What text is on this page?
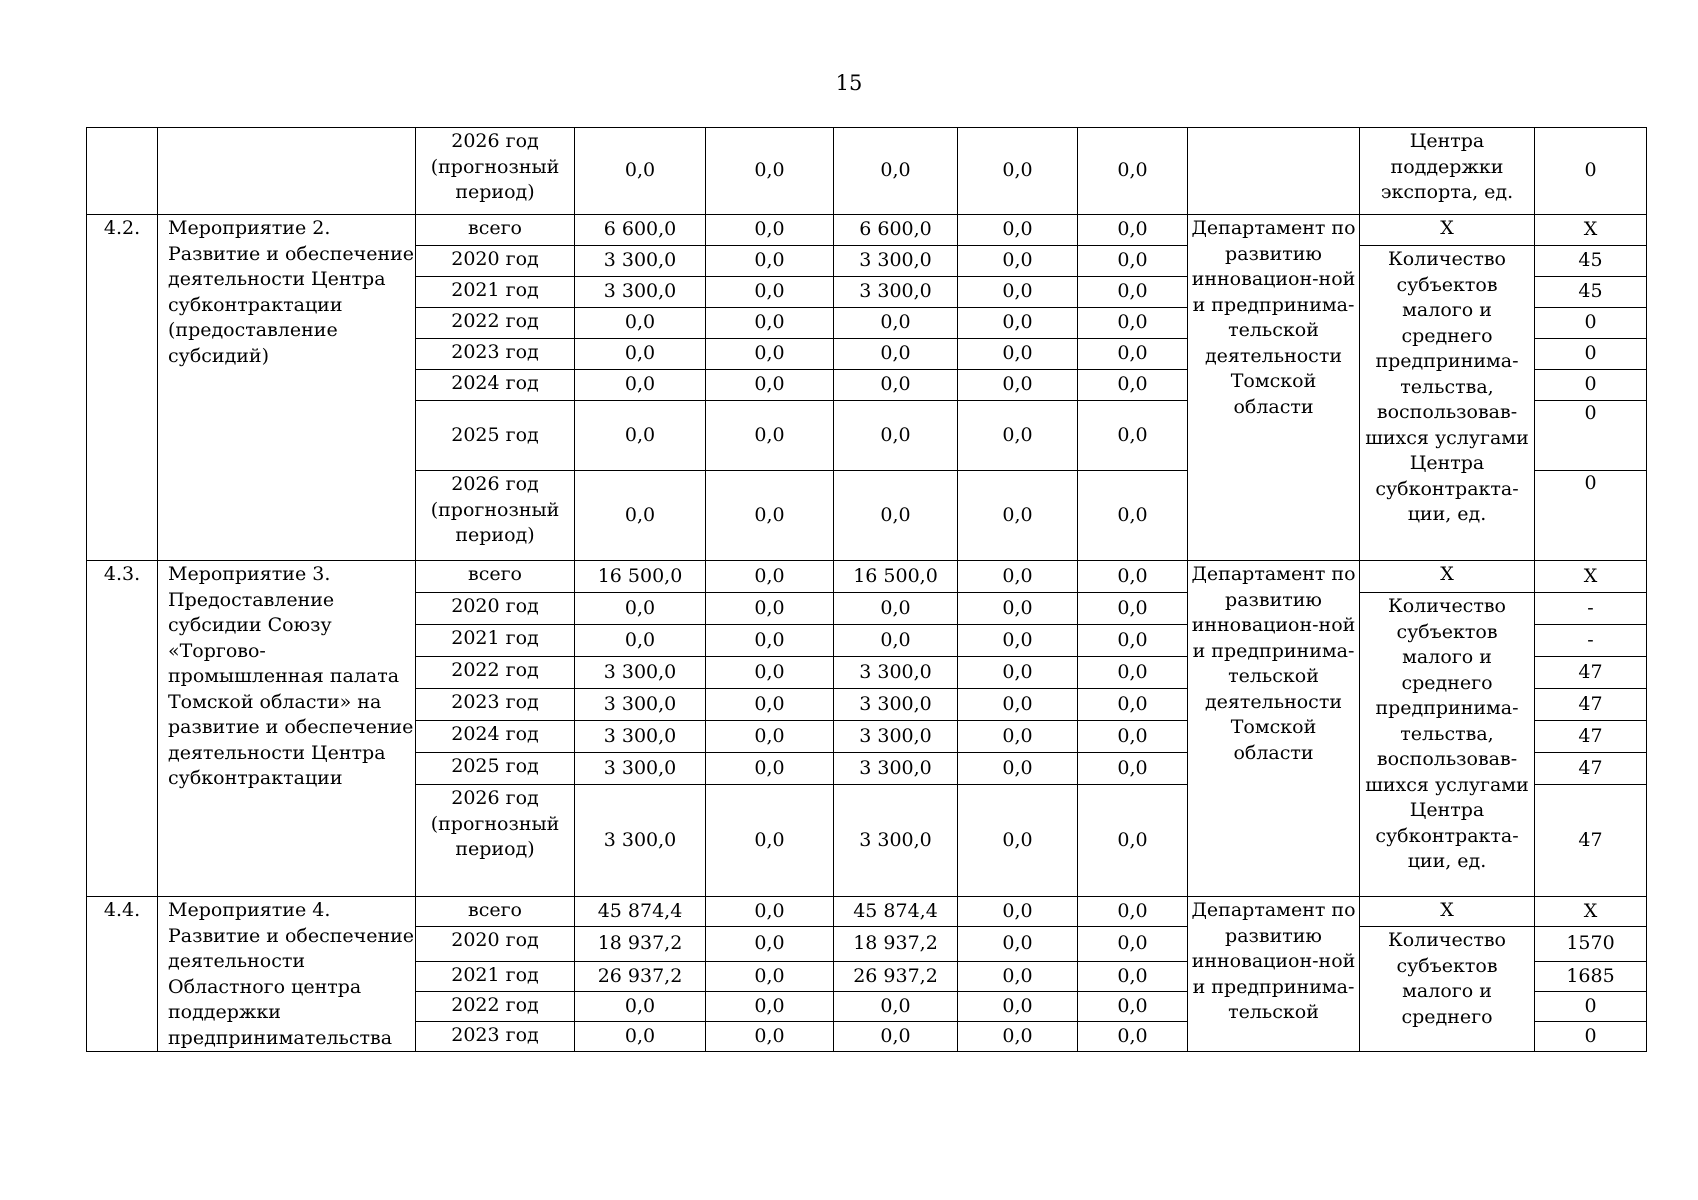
15
		2026 год (прогнозный период)	0,0	0,0	0,0	0,0	0,0		Центра поддержки экспорта, ед.	0
4.2.	Мероприятие 2. Развитие и обеспечение деятельности Центра субконтрактации (предоставление субсидий)	всего	6 600,0	0,0	6 600,0	0,0	0,0	Департамент по развитию инновацион-ной и предпринима-тельской деятельности Томской области	Х	Х
		2020 год	3 300,0	0,0	3 300,0	0,0	0,0		Количество субъектов малого и среднего предпринима-тельства, воспользовав-шихся услугами Центра субконтракта-ции, ед.	45
		2021 год	3 300,0	0,0	3 300,0	0,0	0,0			45
		2022 год	0,0	0,0	0,0	0,0	0,0			0
		2023 год	0,0	0,0	0,0	0,0	0,0			0
		2024 год	0,0	0,0	0,0	0,0	0,0			0
		2025 год	0,0	0,0	0,0	0,0	0,0			0
		2026 год (прогнозный период)	0,0	0,0	0,0	0,0	0,0			0
4.3.	Мероприятие 3. Предоставление субсидии Союзу «Торгово-промышленная палата Томской области» на развитие и обеспечение деятельности Центра субконтрактации	всего	16 500,0	0,0	16 500,0	0,0	0,0	Департамент по развитию инновацион-ной и предпринима-тельской деятельности Томской области	Х	Х
		2020 год	0,0	0,0	0,0	0,0	0,0		Количество субъектов малого и среднего предпринима-тельства, воспользовав-шихся услугами Центра субконтракта-ции, ед.	-
		2021 год	0,0	0,0	0,0	0,0	0,0			-
		2022 год	3 300,0	0,0	3 300,0	0,0	0,0			47
		2023 год	3 300,0	0,0	3 300,0	0,0	0,0			47
		2024 год	3 300,0	0,0	3 300,0	0,0	0,0			47
		2025 год	3 300,0	0,0	3 300,0	0,0	0,0			47
		2026 год (прогнозный период)	3 300,0	0,0	3 300,0	0,0	0,0			47
4.4.	Мероприятие 4. Развитие и обеспечение деятельности Областного центра поддержки предпринимательства	всего	45 874,4	0,0	45 874,4	0,0	0,0	Департамент по развитию инновацион-ной и предпринима-тельской	Х	Х
		2020 год	18 937,2	0,0	18 937,2	0,0	0,0		Количество субъектов малого и среднего	1570
		2021 год	26 937,2	0,0	26 937,2	0,0	0,0			1685
		2022 год	0,0	0,0	0,0	0,0	0,0			0
		2023 год	0,0	0,0	0,0	0,0	0,0			0
